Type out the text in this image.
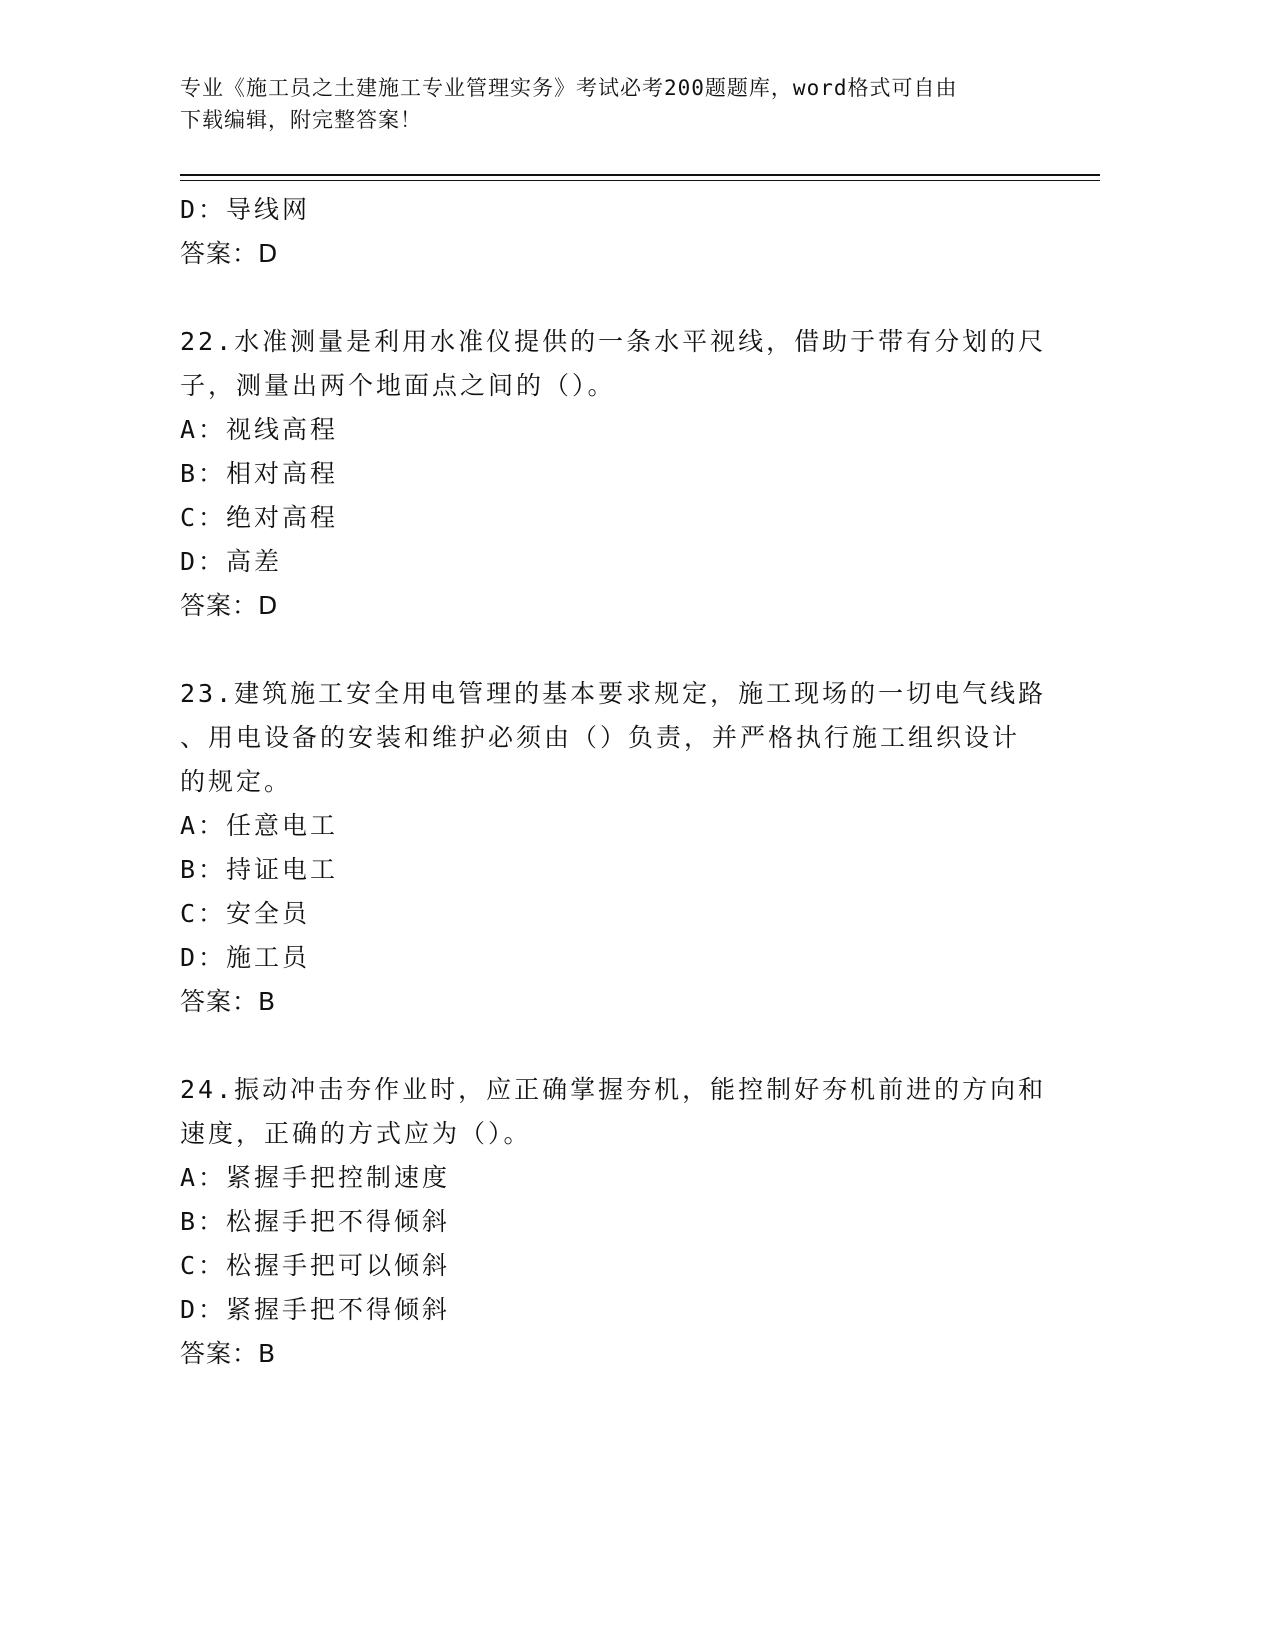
专业《施工员之土建施工专业管理实务》考试必考200题题库，word格式可自由
下载编辑，附完整答案！
D：导线网
答案：D
22.水准测量是利用水准仪提供的一条水平视线，借助于带有分划的尺
子，测量出两个地面点之间的（）。
A：视线高程
B：相对高程
C：绝对高程
D：高差
答案：D
23.建筑施工安全用电管理的基本要求规定，施工现场的一切电气线路
、用电设备的安装和维护必须由（）负责，并严格执行施工组织设计
的规定。
A：任意电工
B：持证电工
C：安全员
D：施工员
答案：B
24.振动冲击夯作业时，应正确掌握夯机，能控制好夯机前进的方向和
速度，正确的方式应为（）。
A：紧握手把控制速度
B：松握手把不得倾斜
C：松握手把可以倾斜
D：紧握手把不得倾斜
答案：B
